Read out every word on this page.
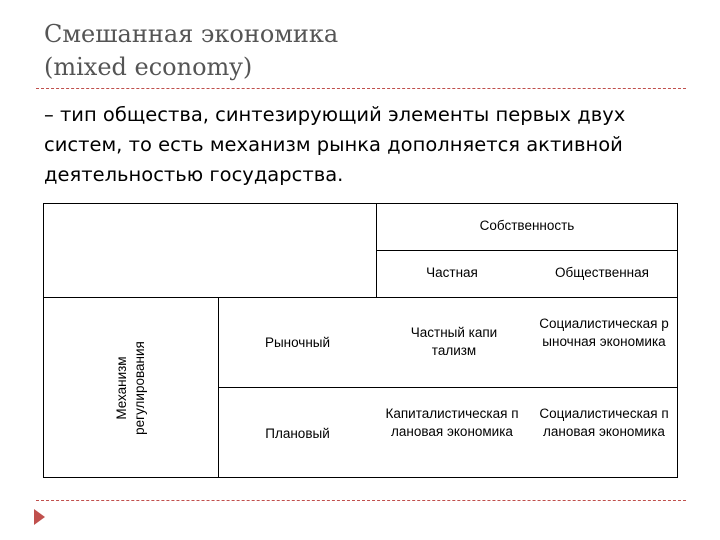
Смешанная экономика
(mixed economy)

– тип общества, синтезирующий элементы первых двух систем, то есть механизм рынка дополняется активной деятельностью государства.

Собственность
Частная	Общественная
Механизм регулирования	Рыночный
Плановый
Частный капитализм
Социалистическая рыночная экономика
Капиталистическая плановая экономика
Социалистическая плановая экономика
